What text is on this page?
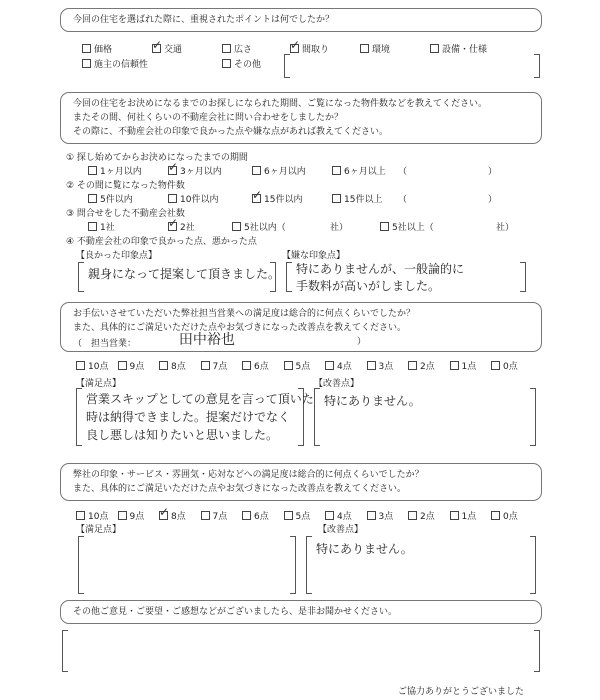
今回の住宅を選ばれた際に、重視されたポイントは何でしたか？
価格	✓ 交通	広さ	✓ 間取り	環境	設備・仕様
施主の信頼性	その他
今回の住宅をお決めになるまでのお探しになられた期間、ご覧になった物件数などを教えてください。
またその間、何社くらいの不動産会社に問い合わせをしましたか？
その際に、不動産会社の印象で良かった点や嫌な点があれば教えてください。
① 探し始めてからお決めになったまでの期間
1ヶ月以内 ✓ 3ヶ月以内	6ヶ月以内	6ヶ月以上 （　　　　　　　　　）
② その間に覧になった物件数
5件以内	10件以内	✓ 15件以内	15件以上 （　　　　　　　　　）
③ 問合せをした不動産会社数
1社	✓ 2社	5社以内（	社）	5社以上（	社）
④ 不動産会社の印象で良かった点、悪かった点
【良かった印象点】	【嫌な印象点】
親身になって提案して頂きました。 特にありませんが、一般論的に
手数料が高いがしました。
お手伝いさせていただいた弊社担当営業への満足度は総合的に何点くらいでしたか？
また、具体的にご満足いただけた点やお気づきになった改善点を教えてください。
（　担当営業：	田中裕也	）
10点	9点	8点	7点	6点	5点	4点	3点	2点	1点	0点
【満足点】	【改善点】
営業スキップとしての意見を言って頂いた
時は納得できました。提案だけでなく
良し悪しは知りたいと思いました。
特にありません。
弊社の印象・サービス・雰囲気・応対などへの満足度は総合的に何点くらいでしたか？
また、具体的にご満足いただけた点やお気づきになった改善点を教えてください。
10点	9点 ✓ 8点	7点	6点	5点	4点	3点	2点	1点	0点
【満足点】	【改善点】
特にありません。
その他ご意見・ご要望・ご感想などがございましたら、是非お聞かせください。
ご協力ありがとうございました
